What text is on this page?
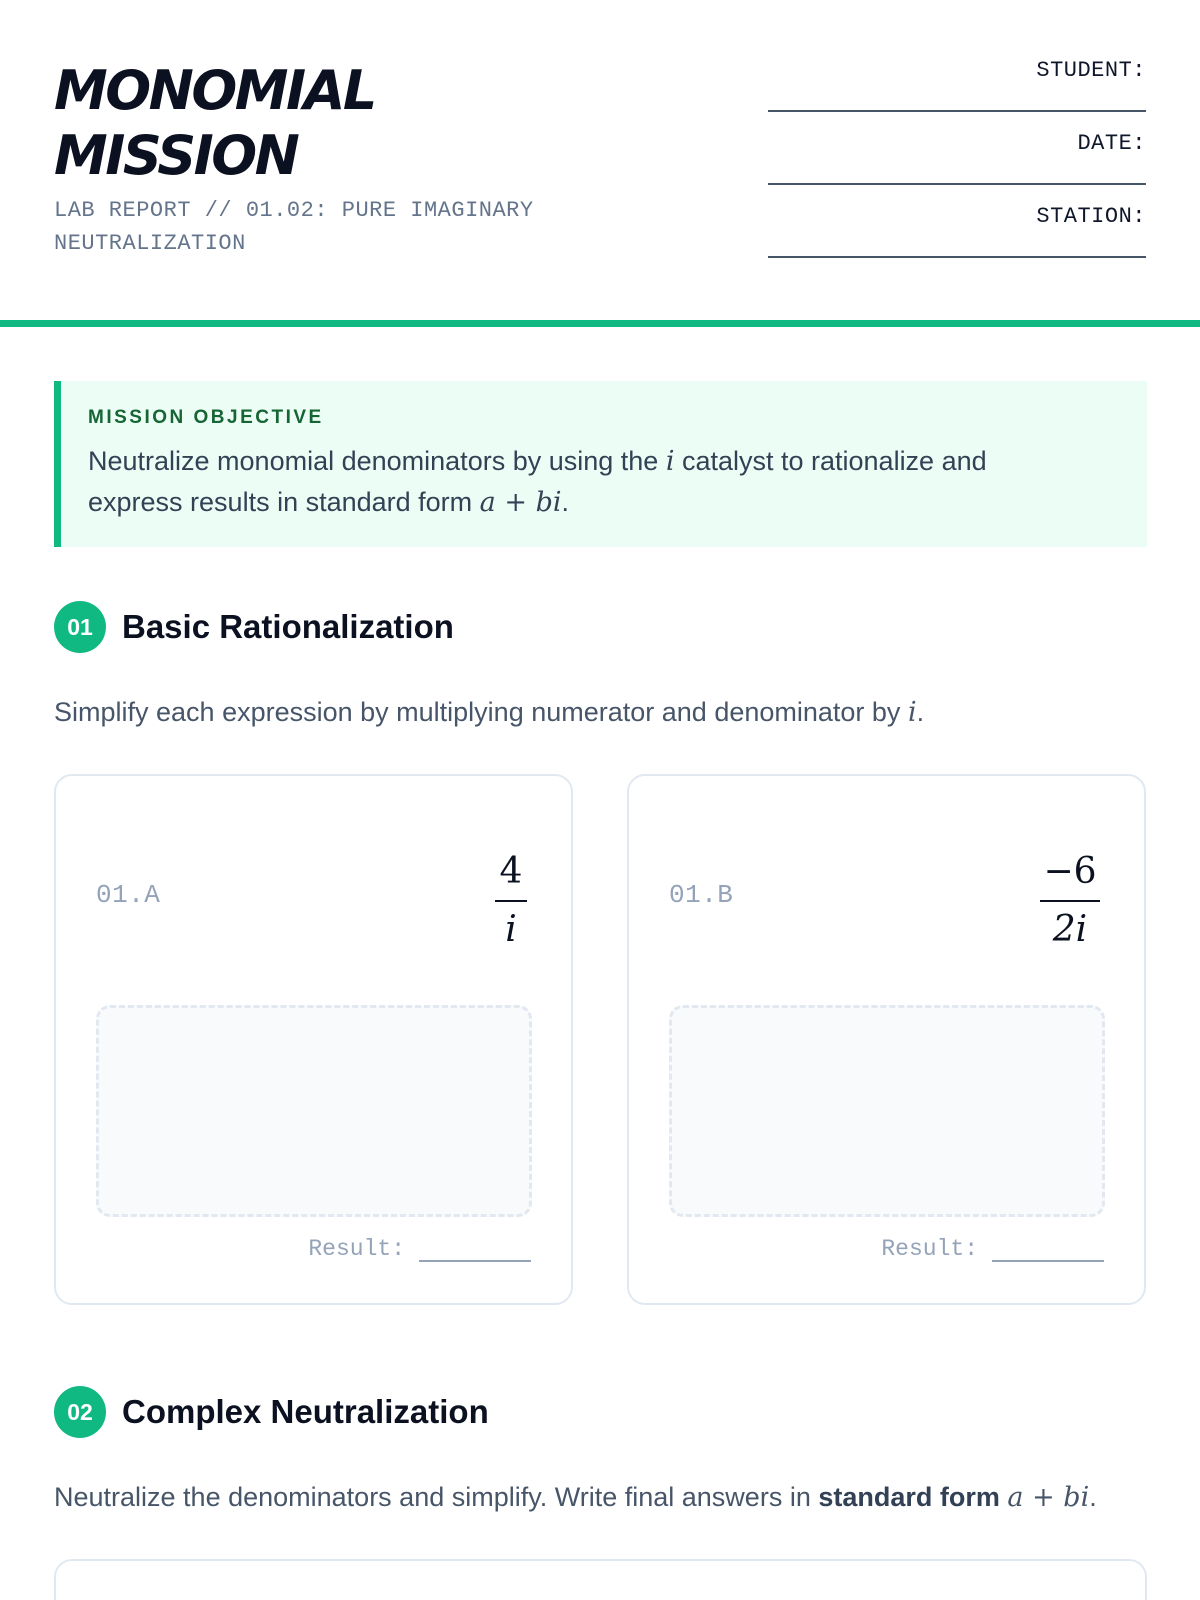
MONOMIAL
MISSION
LAB REPORT // 01.02: PURE IMAGINARY
NEUTRALIZATION
STUDENT:
DATE:
STATION:
MISSION OBJECTIVE
Neutralize monomial denominators by using the i catalyst to rationalize and
express results in standard form a + bi.
01 Basic Rationalization
Simplify each expression by multiplying numerator and denominator by i.
01.A
4
i
Result:
01.B
−6
2i
Result:
02 Complex Neutralization
Neutralize the denominators and simplify. Write final answers in standard form a + bi.
